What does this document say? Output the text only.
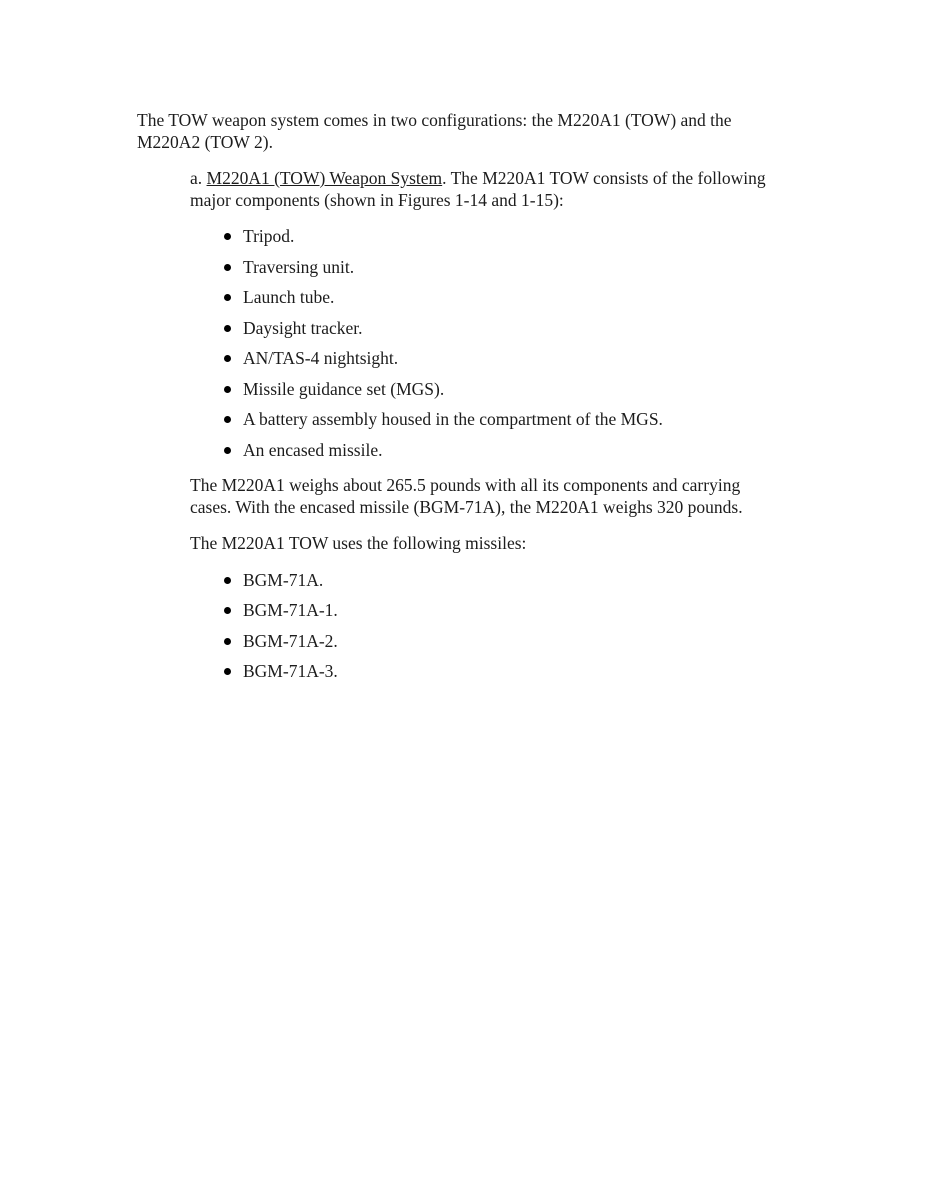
The TOW weapon system comes in two configurations: the M220A1 (TOW) and the M220A2 (TOW 2).

a. M220A1 (TOW) Weapon System. The M220A1 TOW consists of the following major components (shown in Figures 1-14 and 1-15):

Tripod.
Traversing unit.
Launch tube.
Daysight tracker.
AN/TAS-4 nightsight.
Missile guidance set (MGS).
A battery assembly housed in the compartment of the MGS.
An encased missile.

The M220A1 weighs about 265.5 pounds with all its components and carrying cases. With the encased missile (BGM-71A), the M220A1 weighs 320 pounds.

The M220A1 TOW uses the following missiles:

BGM-71A.
BGM-71A-1.
BGM-71A-2.
BGM-71A-3.
